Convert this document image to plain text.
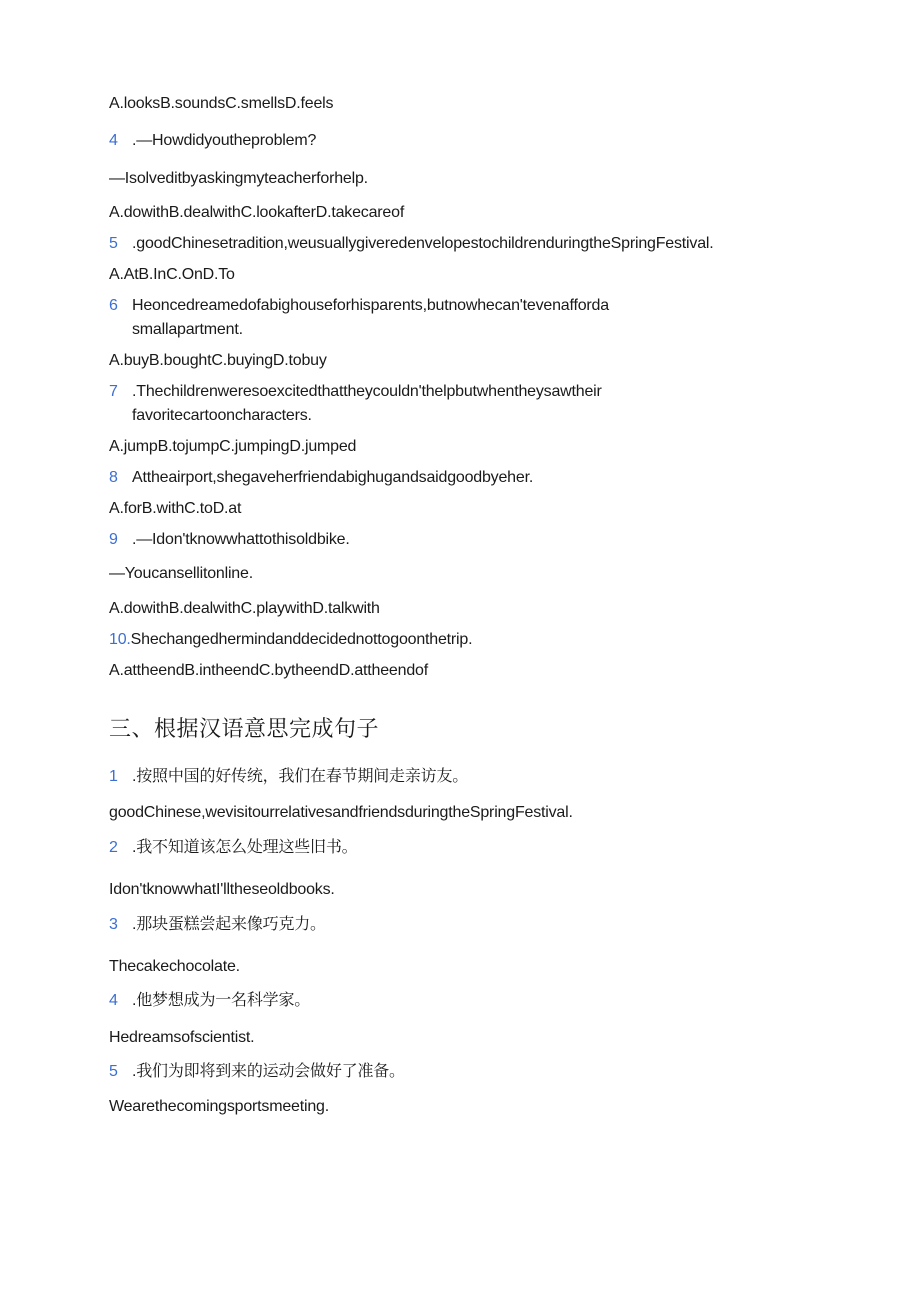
A.looksB.soundsC.smellsD.feels
4 .—Howdidyoutheproblem?
—Isolveditbyaskingmyteacherforhelp.
A.dowithB.dealwithC.lookafterD.takecareof
5 .goodChinesetradition,weusuallygiveredenvelopestochildrenduringtheSpringFestival.
A.AtB.InC.OnD.To
6 Heoncedreamedofabighouseforhisparents,butnowhecan'tevenafforda
smallapartment.
A.buyB.boughtC.buyingD.tobuy
7 .Thechildrenweresoexcitedthattheycouldn'thelpbutwhentheysawtheir
favoritecartooncharacters.
A.jumpB.tojumpC.jumpingD.jumped
8 Attheairport,shegaveherfriendabighugandsaidgoodbyeher.
A.forB.withC.toD.at
9 .—Idon'tknowwhattothisoldbike.
—Youcansellitonline.
A.dowithB.dealwithC.playwithD.talkwith
10.Shechangedhermindanddecidednottogoonthetrip.
A.attheendB.intheendC.bytheendD.attheendof
三、根据汉语意思完成句子
1 .按照中国的好传统，我们在春节期间走亲访友。
goodChinese,wevisitourrelativesandfriendsduringtheSpringFestival.
2 .我不知道该怎么处理这些旧书。
Idon'tknowwhatI'lltheseoldbooks.
3 .那块蛋糕尝起来像巧克力。
Thecakechocolate.
4 .他梦想成为一名科学家。
Hedreamsofscientist.
5 .我们为即将到来的运动会做好了准备。
Wearethecomingsportsmeeting.
